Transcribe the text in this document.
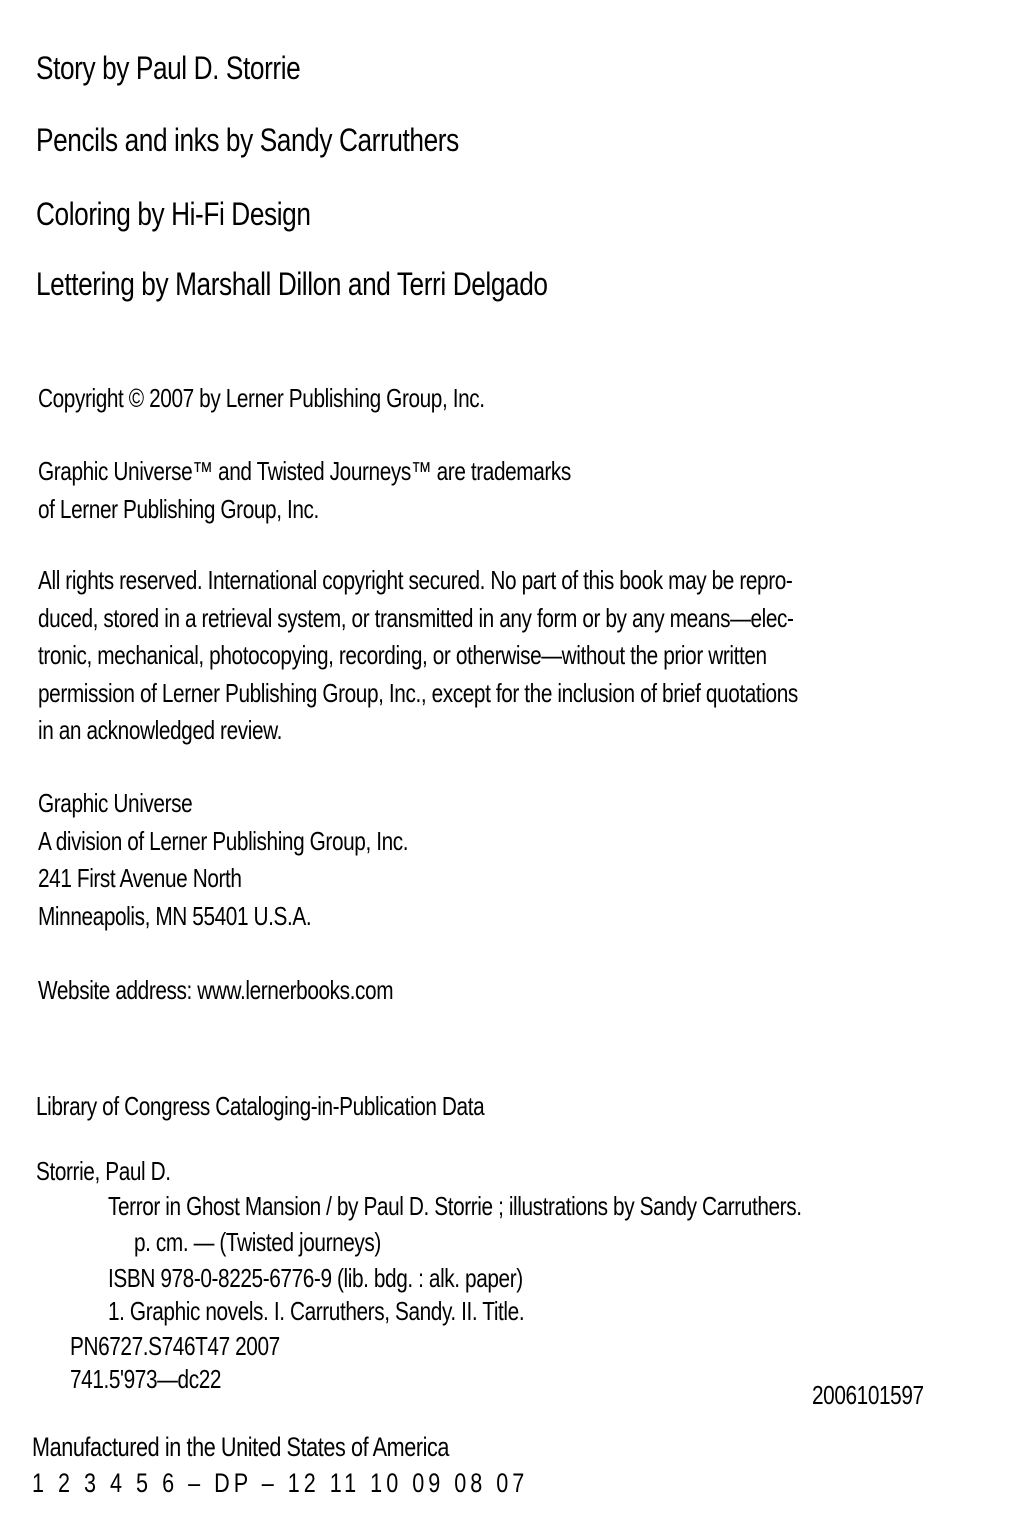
Story by Paul D. Storrie

Pencils and inks by Sandy Carruthers

Coloring by Hi-Fi Design

Lettering by Marshall Dillon and Terri Delgado

Copyright © 2007 by Lerner Publishing Group, Inc.

Graphic Universe™ and Twisted Journeys™ are trademarks

of Lerner Publishing Group, Inc.

All rights reserved. International copyright secured. No part of this book may be repro-

duced, stored in a retrieval system, or transmitted in any form or by any means—elec-

tronic, mechanical, photocopying, recording, or otherwise—without the prior written

permission of Lerner Publishing Group, Inc., except for the inclusion of brief quotations

in an acknowledged review.

Graphic Universe

A division of Lerner Publishing Group, Inc.

241 First Avenue North

Minneapolis, MN 55401 U.S.A.

Website address: www.lernerbooks.com

Library of Congress Cataloging-in-Publication Data

Storrie, Paul D.

Terror in Ghost Mansion / by Paul D. Storrie ; illustrations by Sandy Carruthers.

p. cm. — (Twisted journeys)

ISBN 978-0-8225-6776-9 (lib. bdg. : alk. paper)

1. Graphic novels. I. Carruthers, Sandy. II. Title.

PN6727.S746T47 2007

741.5'973—dc22

2006101597

Manufactured in the United States of America

1 2 3 4 5 6 – DP – 12 11 10 09 08 07
